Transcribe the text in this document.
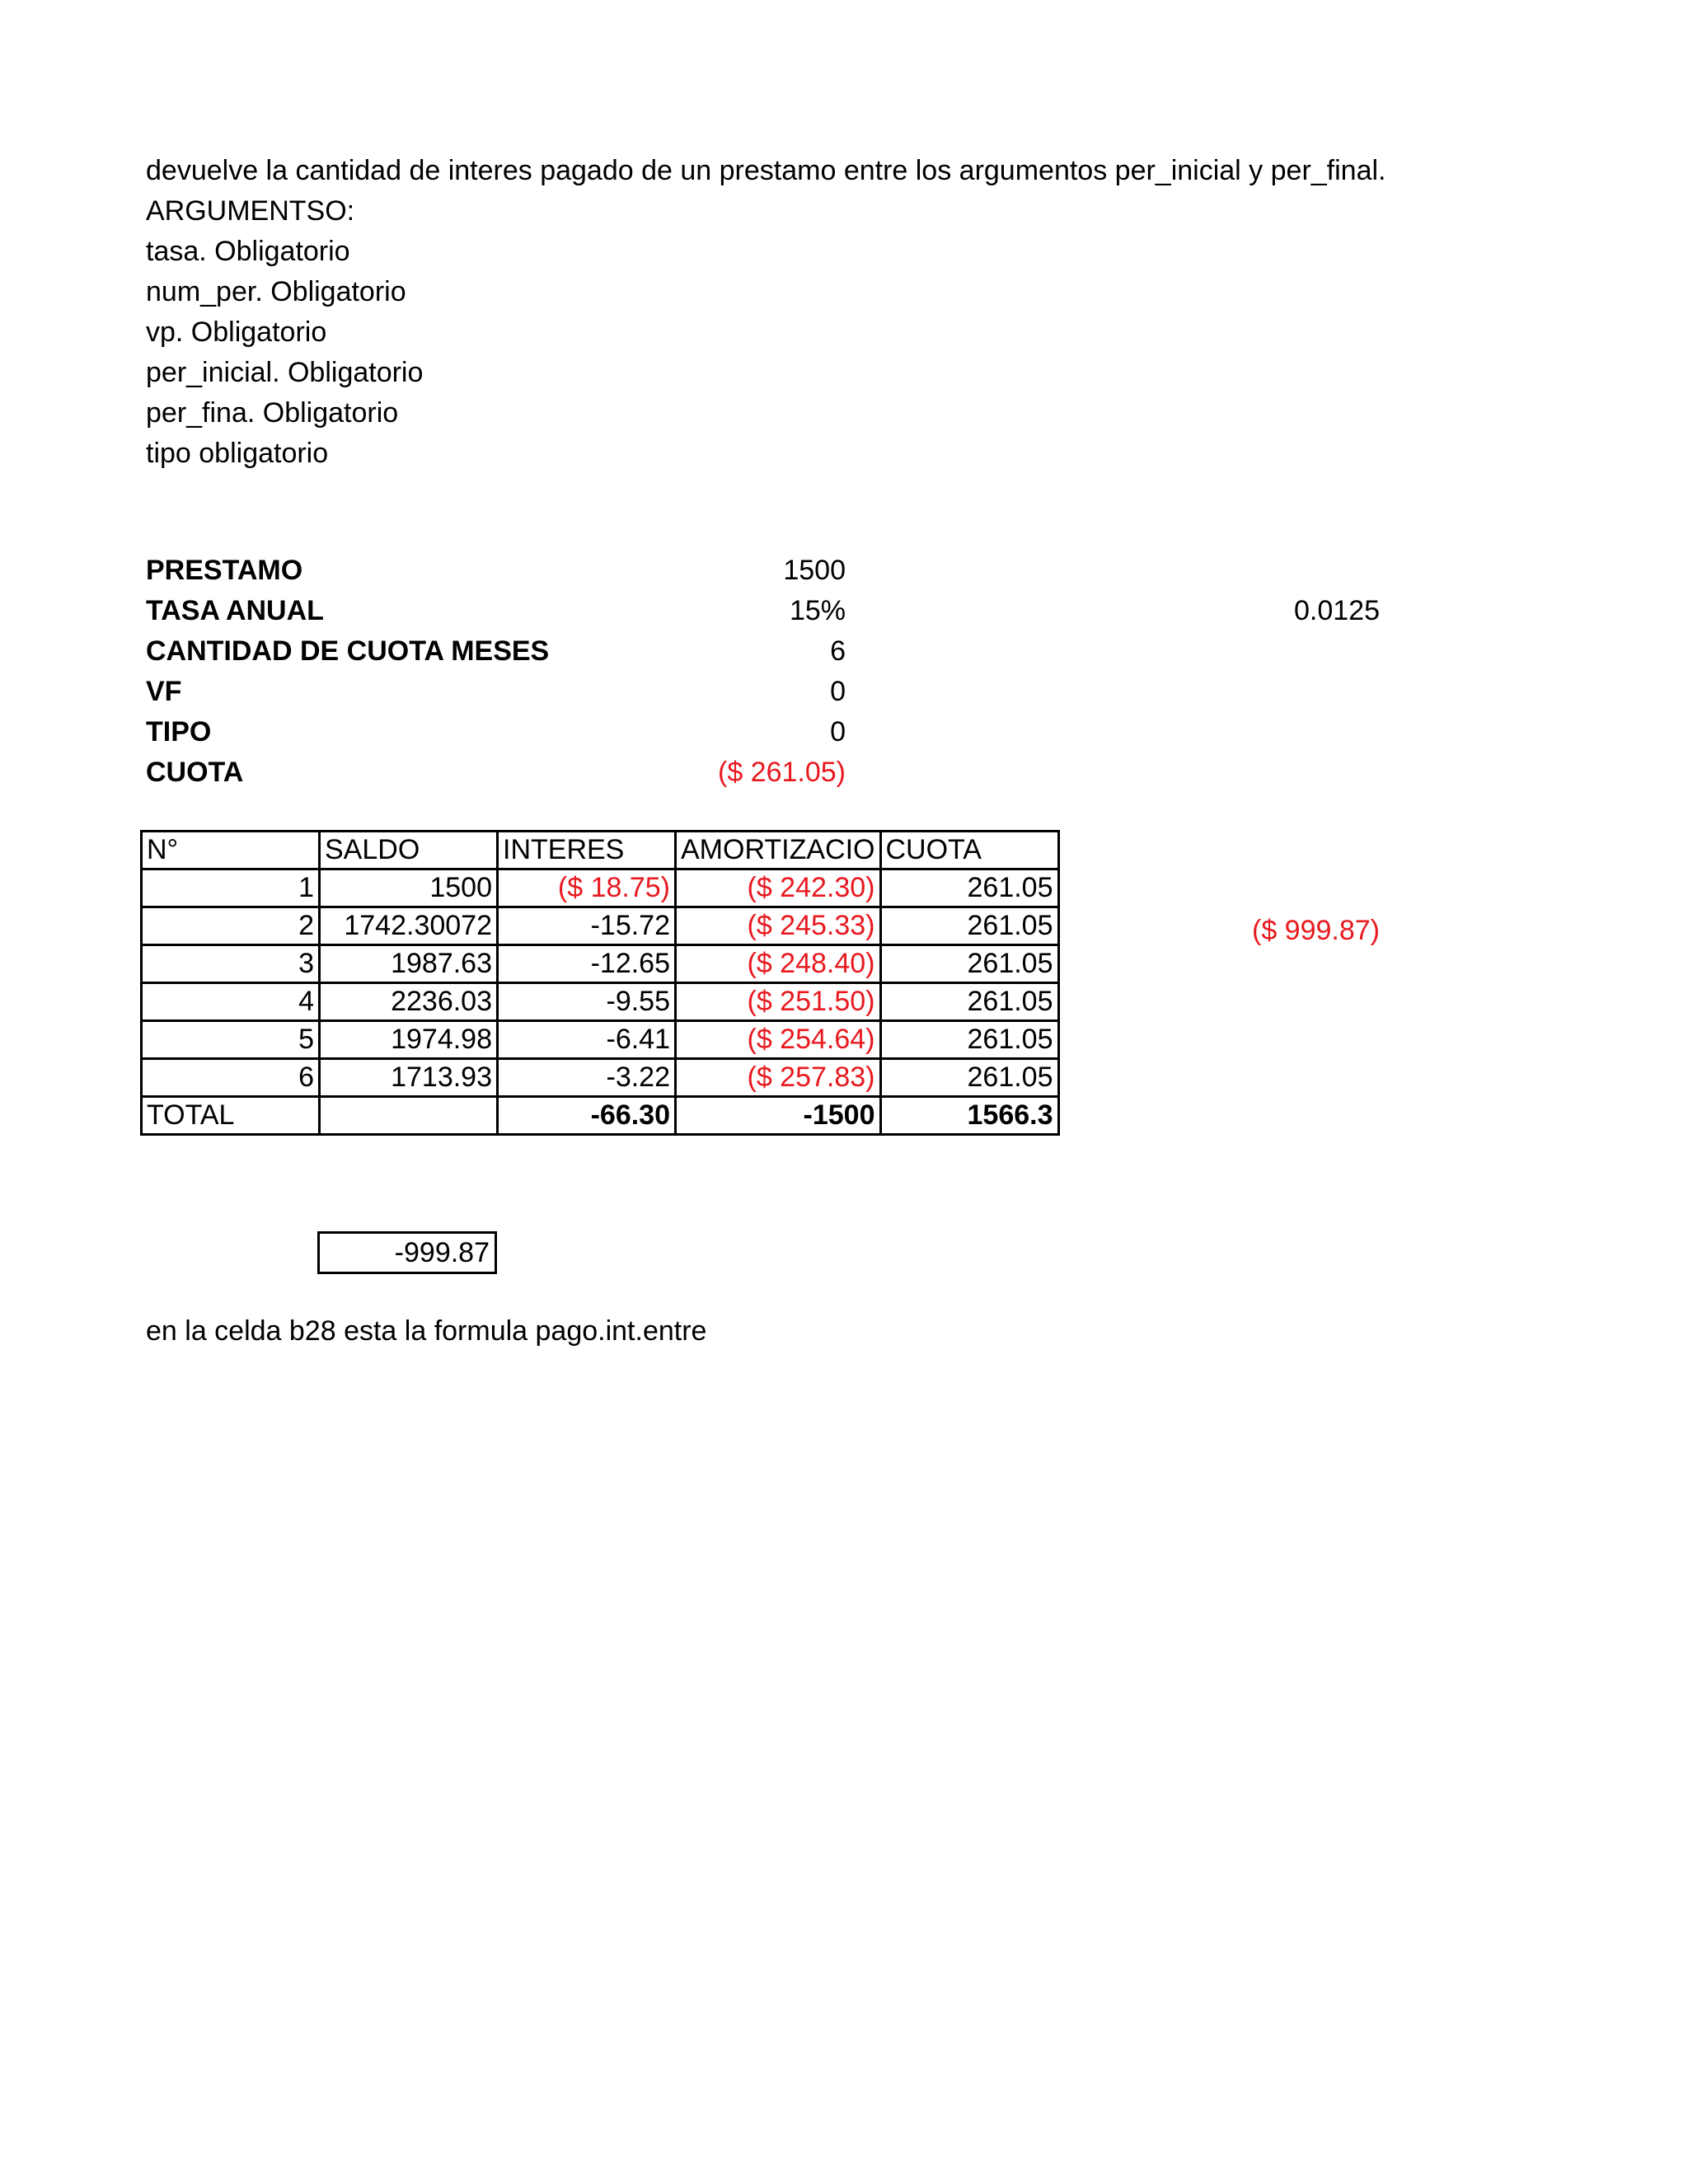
devuelve la cantidad de interes pagado de un prestamo entre los argumentos per_inicial y per_final.
ARGUMENTSO:
tasa. Obligatorio
num_per. Obligatorio
vp. Obligatorio
per_inicial. Obligatorio
per_fina. Obligatorio
tipo obligatorio
PRESTAMO	1500
TASA ANUAL	15%	0.0125
CANTIDAD DE CUOTA MESES	6
VF	0
TIPO	0
CUOTA	($ 261.05)
N°	SALDO	INTERES	AMORTIZACIO	CUOTA
1	1500	($ 18.75)	($ 242.30)	261.05
2	1742.30072	-15.72	($ 245.33)	261.05
3	1987.63	-12.65	($ 248.40)	261.05
4	2236.03	-9.55	($ 251.50)	261.05
5	1974.98	-6.41	($ 254.64)	261.05
6	1713.93	-3.22	($ 257.83)	261.05
TOTAL		-66.30	-1500	1566.3
($ 999.87)
-999.87
en la celda b28 esta la formula pago.int.entre
